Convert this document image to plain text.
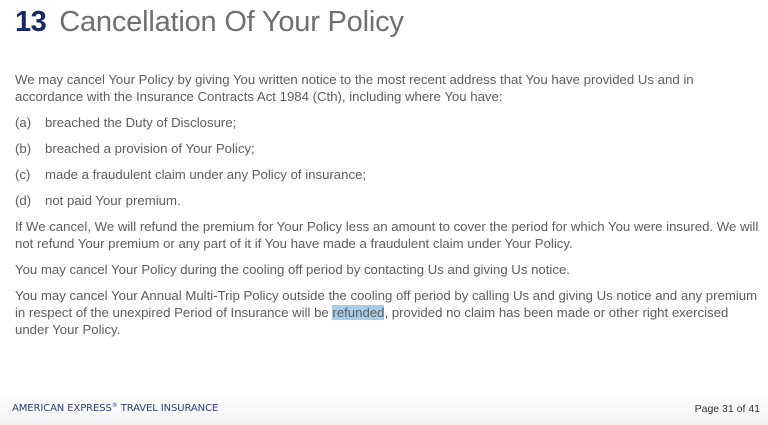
13 Cancellation Of Your Policy

We may cancel Your Policy by giving You written notice to the most recent address that You have provided Us and in accordance with the Insurance Contracts Act 1984 (Cth), including where You have:

(a)	breached the Duty of Disclosure;
(b)	breached a provision of Your Policy;
(c)	made a fraudulent claim under any Policy of insurance;
(d)	not paid Your premium.

If We cancel, We will refund the premium for Your Policy less an amount to cover the period for which You were insured. We will not refund Your premium or any part of it if You have made a fraudulent claim under Your Policy.

You may cancel Your Policy during the cooling off period by contacting Us and giving Us notice.

You may cancel Your Annual Multi-Trip Policy outside the cooling off period by calling Us and giving Us notice and any premium in respect of the unexpired Period of Insurance will be refunded, provided no claim has been made or other right exercised under Your Policy.

AMERICAN EXPRESS® TRAVEL INSURANCE	Page 31 of 41
